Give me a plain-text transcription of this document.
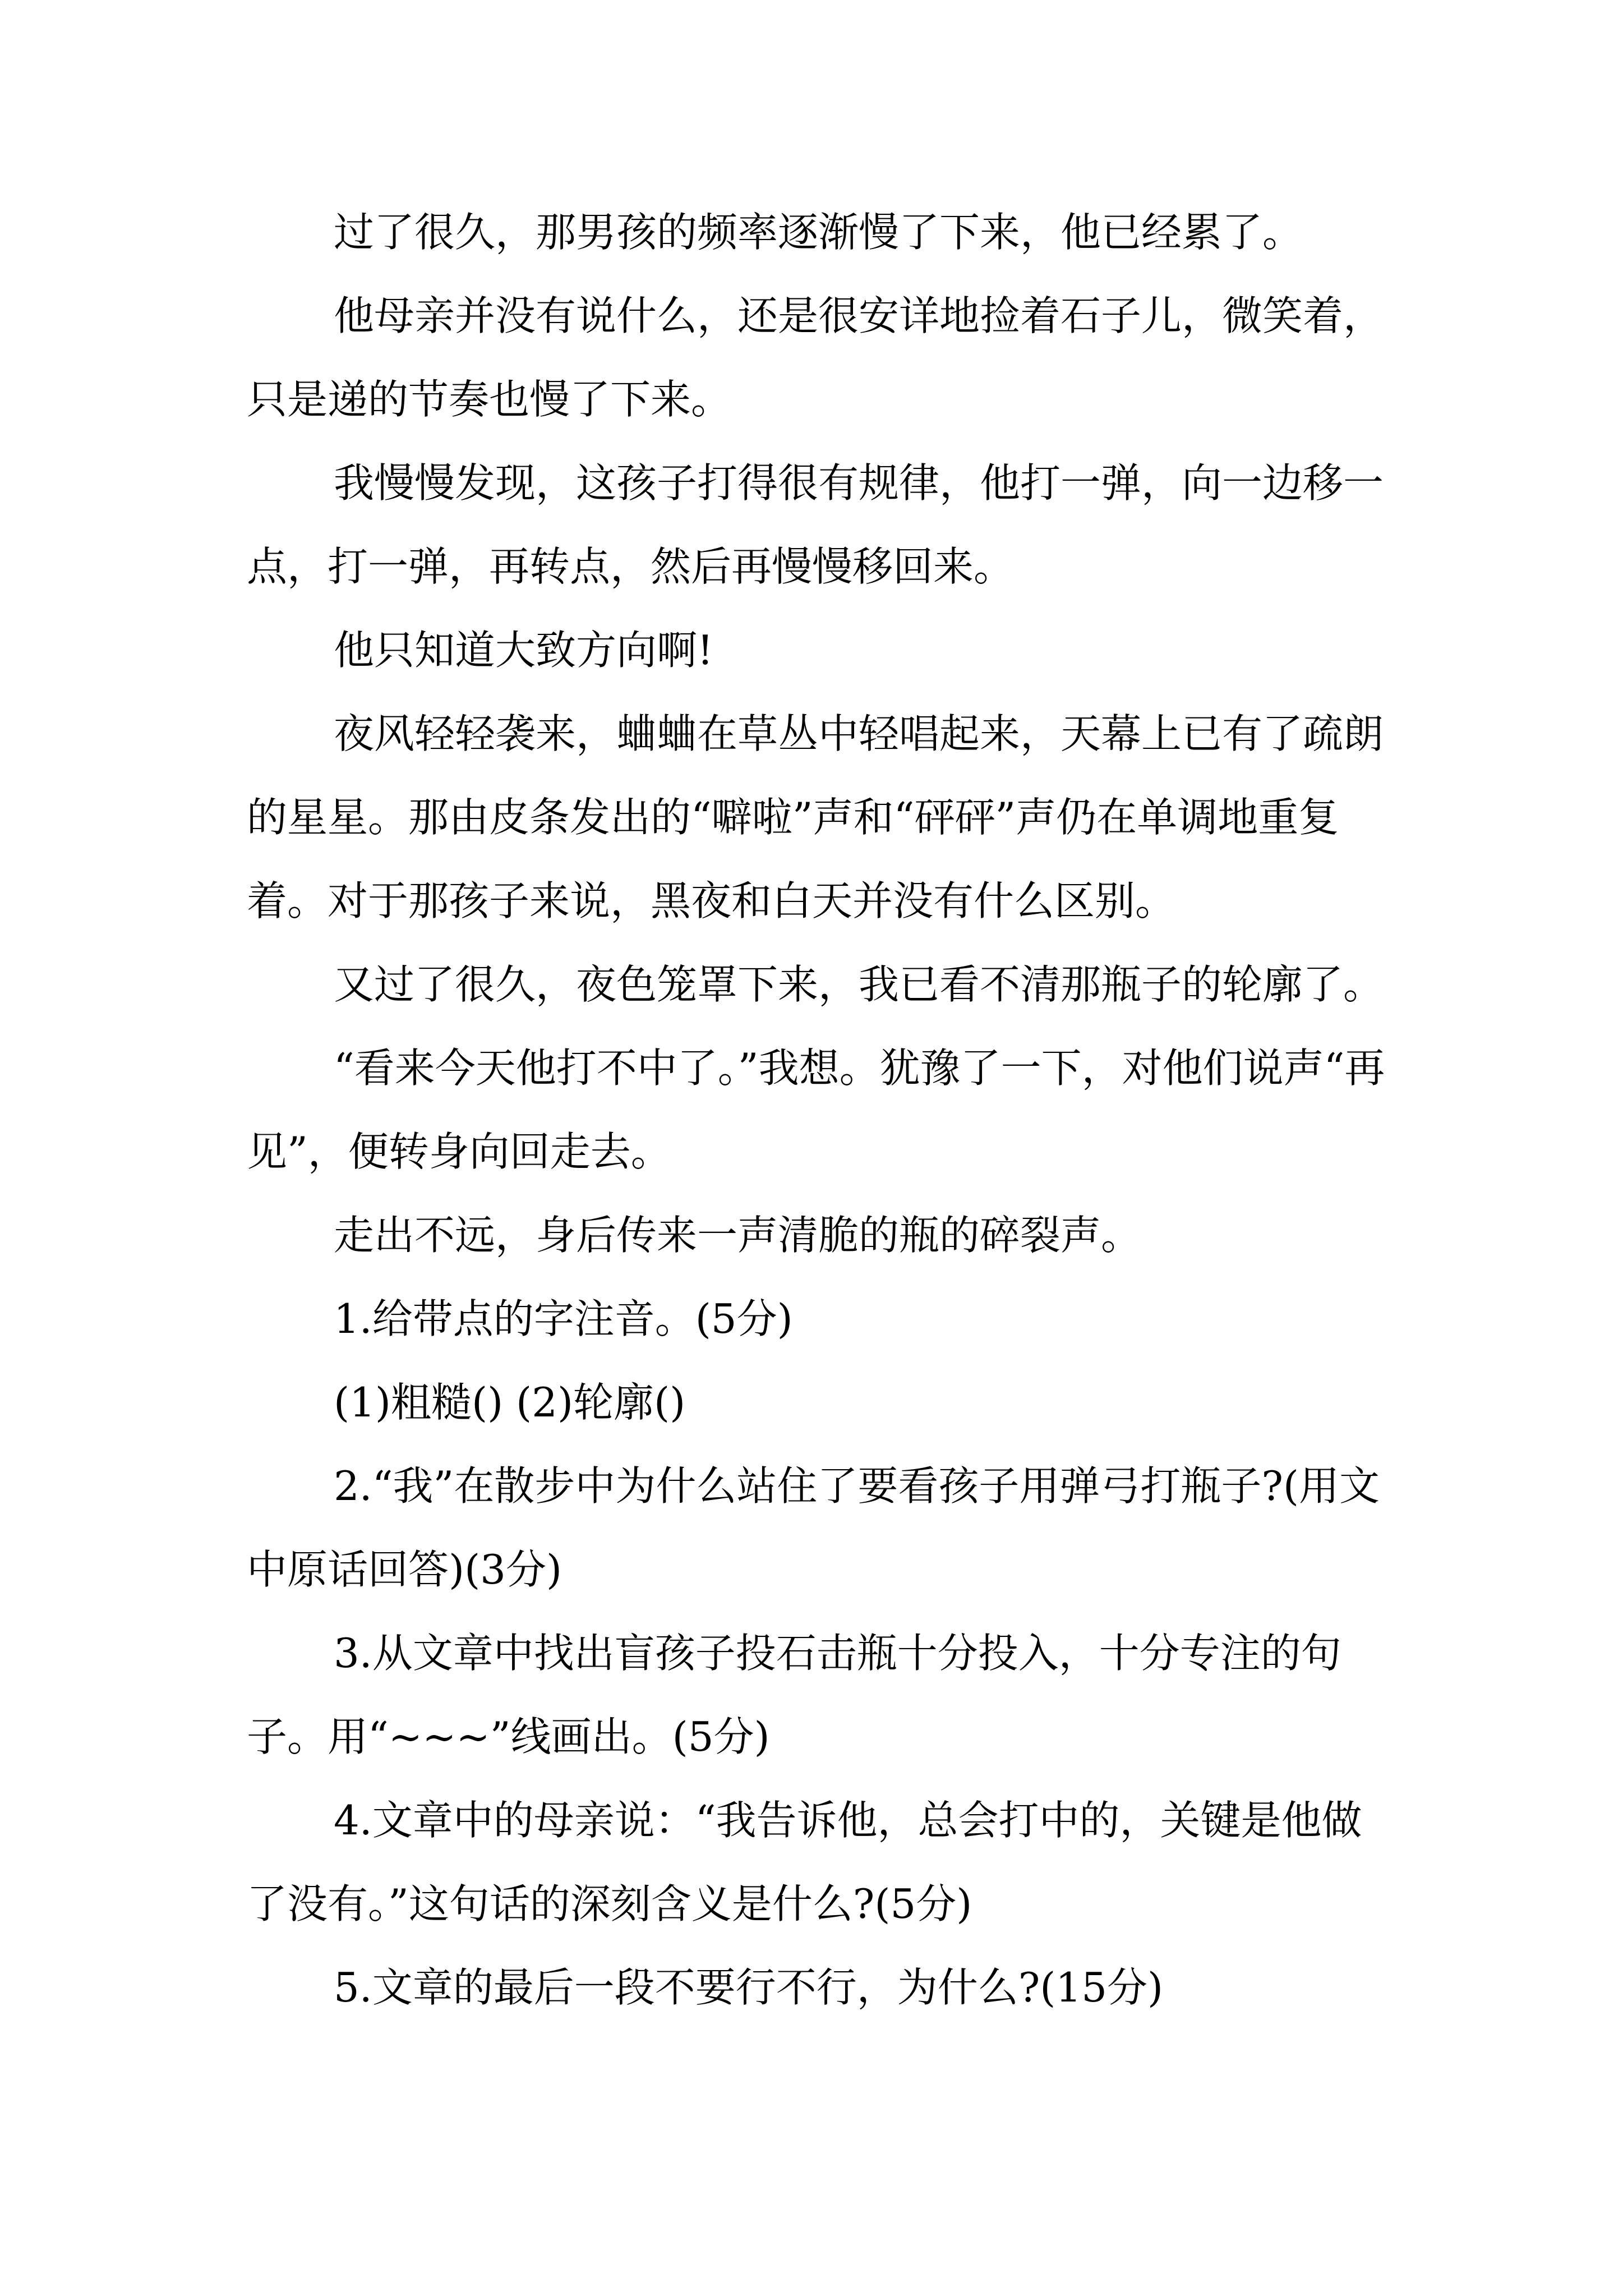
过了很久，那男孩的频率逐渐慢了下来，他已经累了。

他母亲并没有说什么，还是很安详地捡着石子儿，微笑着，只是递的节奏也慢了下来。

我慢慢发现，这孩子打得很有规律，他打一弹，向一边移一点，打一弹，再转点，然后再慢慢移回来。

他只知道大致方向啊!

夜风轻轻袭来，蛐蛐在草丛中轻唱起来，天幕上已有了疏朗的星星。那由皮条发出的“噼啦”声和“砰砰”声仍在单调地重复着。对于那孩子来说，黑夜和白天并没有什么区别。

又过了很久，夜色笼罩下来，我已看不清那瓶子的轮廓了。

“看来今天他打不中了。”我想。犹豫了一下，对他们说声“再见”，便转身向回走去。

走出不远，身后传来一声清脆的瓶的碎裂声。

1.给带点的字注音。(5分)

(1)粗糙() (2)轮廓()

2.“我”在散步中为什么站住了要看孩子用弹弓打瓶子?(用文中原话回答)(3分)

3.从文章中找出盲孩子投石击瓶十分投入，十分专注的句子。用“~~~”线画出。(5分)

4.文章中的母亲说：“我告诉他，总会打中的，关键是他做了没有。”这句话的深刻含义是什么?(5分)

5.文章的最后一段不要行不行，为什么?(15分)
